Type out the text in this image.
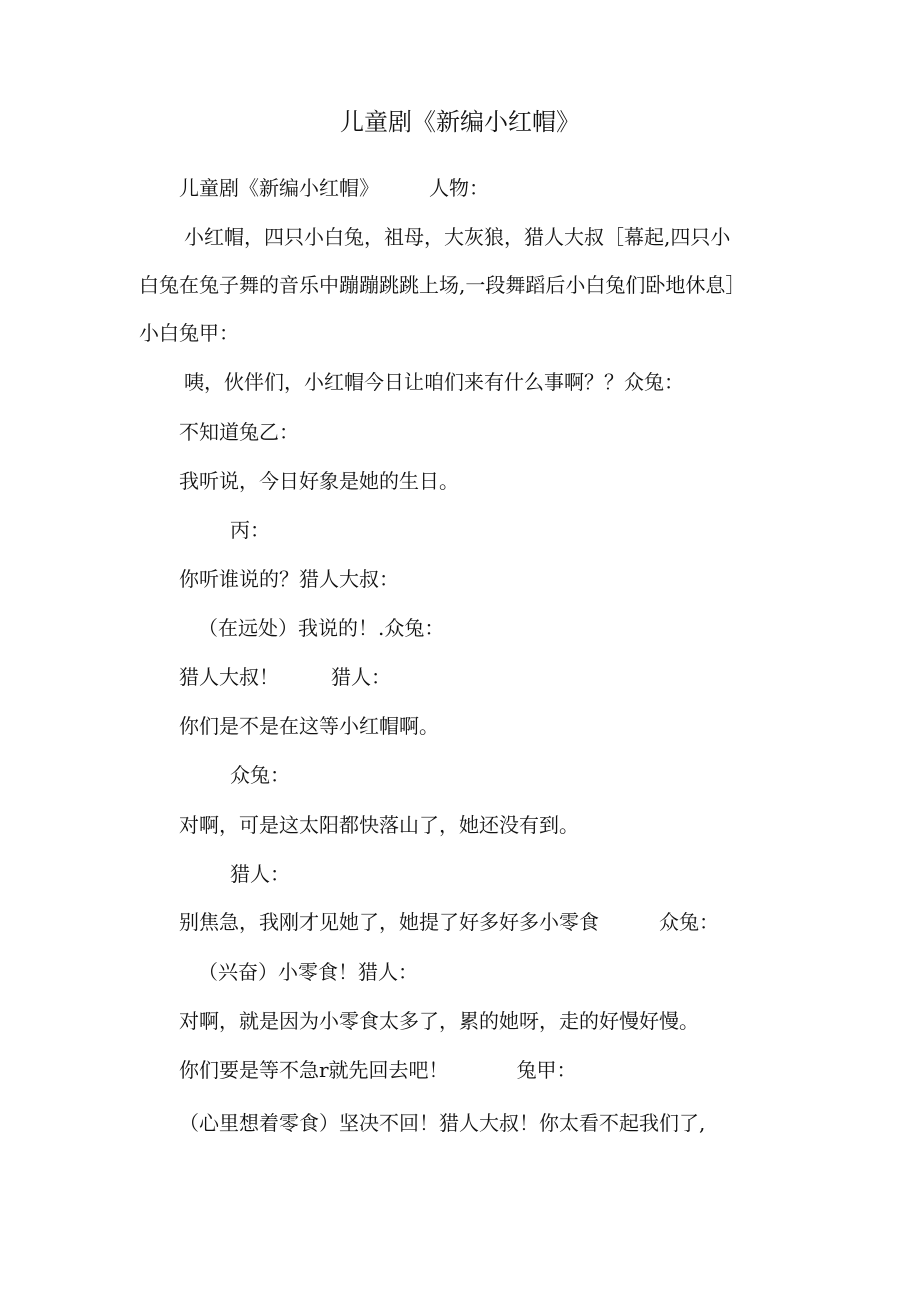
儿童剧《新编小红帽》
儿童剧《新编小红帽》	人物：
小红帽，四只小白兔，祖母，大灰狼，猎人大叔［幕起,四只小
白兔在兔子舞的音乐中蹦蹦跳跳上场,一段舞蹈后小白兔们卧地休息］
小白兔甲：
咦，伙伴们，小红帽今日让咱们来有什么事啊？？众兔：
不知道兔乙：
我听说，今日好象是她的生日。
丙：
你听谁说的？猎人大叔：
（在远处）我说的！.众兔：
猎人大叔！	猎人：
你们是不是在这等小红帽啊。
众兔：
对啊，可是这太阳都快落山了，她还没有到。
猎人：
别焦急，我刚才见她了，她提了好多好多小零食	众兔：
（兴奋）小零食！猎人：
对啊，就是因为小零食太多了，累的她呀，走的好慢好慢。
你们要是等不急r就先回去吧！	兔甲：
（心里想着零食）坚决不回！猎人大叔！你太看不起我们了,
